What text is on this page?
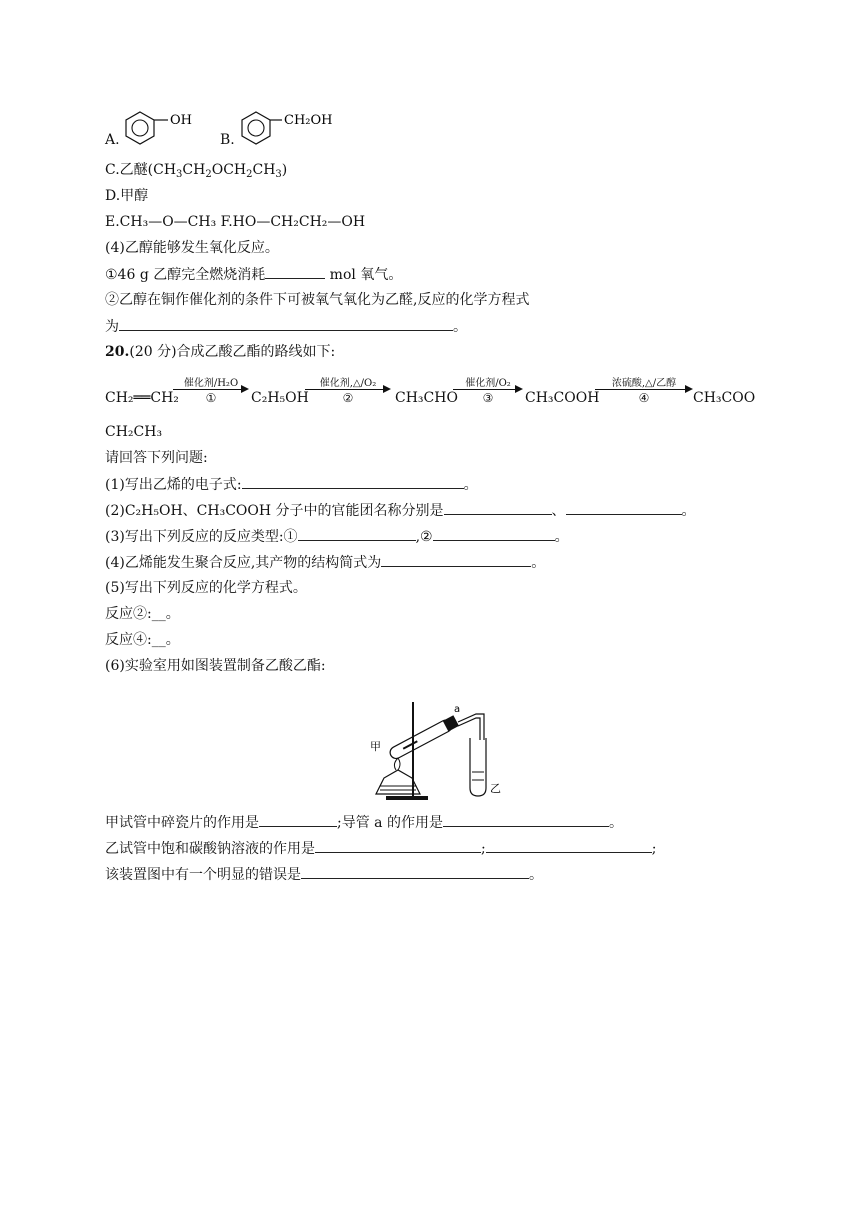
A.
OH
B.
CH₂OH
C.乙醚$(CH_3CH_2OCH_2CH_3)$
D.甲醇
E.CH₃—O—CH₃ F.HO—CH₂CH₂—OH
(4)乙醇能够发生氧化反应。
①46 g 乙醇完全燃烧消耗	mol 氧气。
②乙醇在铜作催化剂的条件下可被氧气氧化为乙醛,反应的化学方程式
为	。
20.(20 分)合成乙酸乙酯的路线如下:
CH₂══CH₂
催化剂/H₂O
①	C₂H₅OH
催化剂,△/O₂
②	CH₃CHO
催化剂/O₂
③	CH₃COOH
浓硫酸,△/乙醇
④	CH₃COO
CH₂CH₃
请回答下列问题:
(1)写出乙烯的电子式:	。
(2)C₂H₅OH、CH₃COOH 分子中的官能团名称分别是	、	。
(3)写出下列反应的反应类型:①	,②	。
(4)乙烯能发生聚合反应,其产物的结构简式为	。
(5)写出下列反应的化学方程式。
反应②:__。
反应④:__。
(6)实验室用如图装置制备乙酸乙酯:
甲
a
乙
甲试管中碎瓷片的作用是	;导管 a 的作用是	。
乙试管中饱和碳酸钠溶液的作用是	;	;
该装置图中有一个明显的错误是	。
